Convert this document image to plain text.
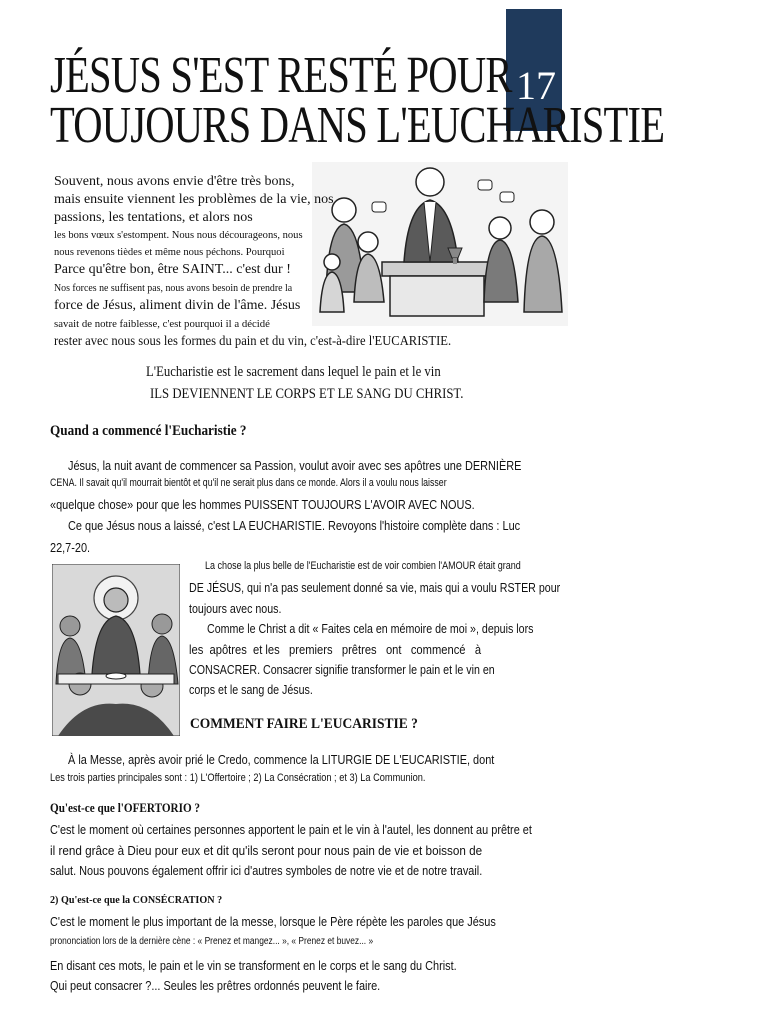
17
JÉSUS S'EST RESTÉ POUR
TOUJOURS DANS L'EUCHARISTIE
Souvent, nous avons envie d'être très bons,
mais ensuite viennent les problèmes de la vie, nos
passions, les tentations, et alors nos
les bons vœux s'estompent. Nous nous décourageons, nous
nous revenons tièdes et même nous péchons. Pourquoi
Parce qu'être bon, être SAINT... c'est dur !
Nos forces ne suffisent pas, nous avons besoin de prendre la
force de Jésus, aliment divin de l'âme. Jésus
savait de notre faiblesse, c'est pourquoi il a décidé
rester avec nous sous les formes du pain et du vin, c'est-à-dire l'EUCARISTIE.
L'Eucharistie est le sacrement dans lequel le pain et le vin
ILS DEVIENNENT LE CORPS ET LE SANG DU CHRIST.
Quand a commencé l'Eucharistie ?
Jésus, la nuit avant de commencer sa Passion, voulut avoir avec ses apôtres une DERNIÈRE
CENA. Il savait qu'il mourrait bientôt et qu'il ne serait plus dans ce monde. Alors il a voulu nous laisser
«quelque chose» pour que les hommes PUISSENT TOUJOURS L'AVOIR AVEC NOUS.
Ce que Jésus nous a laissé, c'est LA EUCHARISTIE. Revoyons l'histoire complète dans : Luc
22,7-20.
La chose la plus belle de l'Eucharistie est de voir combien l'AMOUR était grand
DE JÉSUS, qui n'a pas seulement donné sa vie, mais qui a voulu RSTER pour
toujours avec nous.
Comme le Christ a dit « Faites cela en mémoire de moi », depuis lors
les  apôtres  et les   premiers   prêtres   ont   commencé   à
CONSACRER. Consacrer signifie transformer le pain et le vin en
corps et le sang de Jésus.
COMMENT FAIRE L'EUCARISTIE ?
À la Messe, après avoir prié le Credo, commence la LITURGIE DE L'EUCARISTIE, dont
Les trois parties principales sont : 1) L'Offertoire ; 2) La Consécration ; et 3) La Communion.
Qu'est-ce que l'OFERTORIO ?
C'est le moment où certaines personnes apportent le pain et le vin à l'autel, les donnent au prêtre et
il rend grâce à Dieu pour eux et dit qu'ils seront pour nous pain de vie et boisson de
salut. Nous pouvons également offrir ici d'autres symboles de notre vie et de notre travail.
2) Qu'est-ce que la CONSÉCRATION ?
C'est le moment le plus important de la messe, lorsque le Père répète les paroles que Jésus
prononciation lors de la dernière cène : « Prenez et mangez... », « Prenez et buvez... »
En disant ces mots, le pain et le vin se transforment en le corps et le sang du Christ.
Qui peut consacrer ?... Seules les prêtres ordonnés peuvent le faire.
